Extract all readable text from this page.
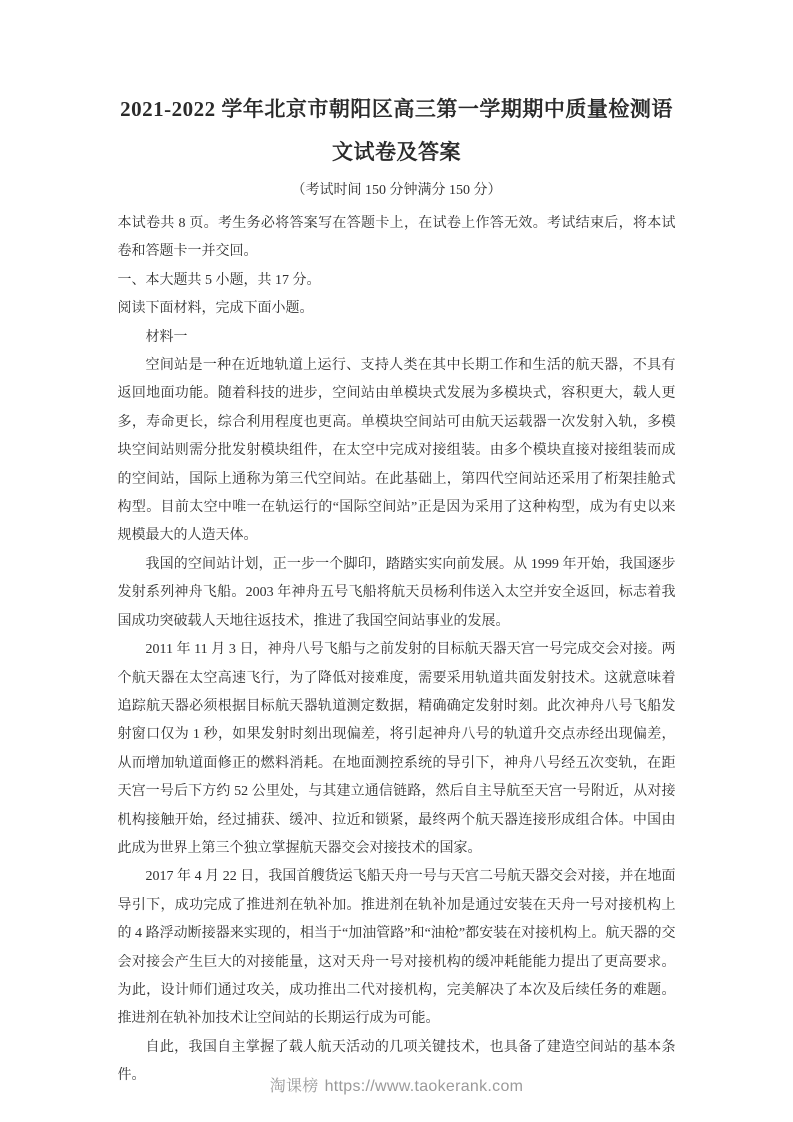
2021-2022 学年北京市朝阳区高三第一学期期中质量检测语
文试卷及答案
（考试时间 150 分钟满分 150 分）

本试卷共 8 页。考生务必将答案写在答题卡上，在试卷上作答无效。考试结束后，将本试卷和答题卡一并交回。

一、本大题共 5 小题，共 17 分。

阅读下面材料，完成下面小题。

材料一

空间站是一种在近地轨道上运行、支持人类在其中长期工作和生活的航天器，不具有返回地面功能。随着科技的进步，空间站由单模块式发展为多模块式，容积更大，载人更多，寿命更长，综合利用程度也更高。单模块空间站可由航天运载器一次发射入轨，多模块空间站则需分批发射模块组件，在太空中完成对接组装。由多个模块直接对接组装而成的空间站，国际上通称为第三代空间站。在此基础上，第四代空间站还采用了桁架挂舱式构型。目前太空中唯一在轨运行的“国际空间站”正是因为采用了这种构型，成为有史以来规模最大的人造天体。

我国的空间站计划，正一步一个脚印，踏踏实实向前发展。从 1999 年开始，我国逐步发射系列神舟飞船。2003 年神舟五号飞船将航天员杨利伟送入太空并安全返回，标志着我国成功突破载人天地往返技术，推进了我国空间站事业的发展。

2011 年 11 月 3 日，神舟八号飞船与之前发射的目标航天器天宫一号完成交会对接。两个航天器在太空高速飞行，为了降低对接难度，需要采用轨道共面发射技术。这就意味着追踪航天器必须根据目标航天器轨道测定数据，精确确定发射时刻。此次神舟八号飞船发射窗口仅为 1 秒，如果发射时刻出现偏差，将引起神舟八号的轨道升交点赤经出现偏差，从而增加轨道面修正的燃料消耗。在地面测控系统的导引下，神舟八号经五次变轨，在距天宫一号后下方约 52 公里处，与其建立通信链路，然后自主导航至天宫一号附近，从对接机构接触开始，经过捕获、缓冲、拉近和锁紧，最终两个航天器连接形成组合体。中国由此成为世界上第三个独立掌握航天器交会对接技术的国家。

2017 年 4 月 22 日，我国首艘货运飞船天舟一号与天宫二号航天器交会对接，并在地面导引下，成功完成了推进剂在轨补加。推进剂在轨补加是通过安装在天舟一号对接机构上的 4 路浮动断接器来实现的，相当于“加油管路”和“油枪”都安装在对接机构上。航天器的交会对接会产生巨大的对接能量，这对天舟一号对接机构的缓冲耗能能力提出了更高要求。为此，设计师们通过攻关，成功推出二代对接机构，完美解决了本次及后续任务的难题。推进剂在轨补加技术让空间站的长期运行成为可能。

自此，我国自主掌握了载人航天活动的几项关键技术，也具备了建造空间站的基本条件。

淘课榜 https://www.taokerank.com
